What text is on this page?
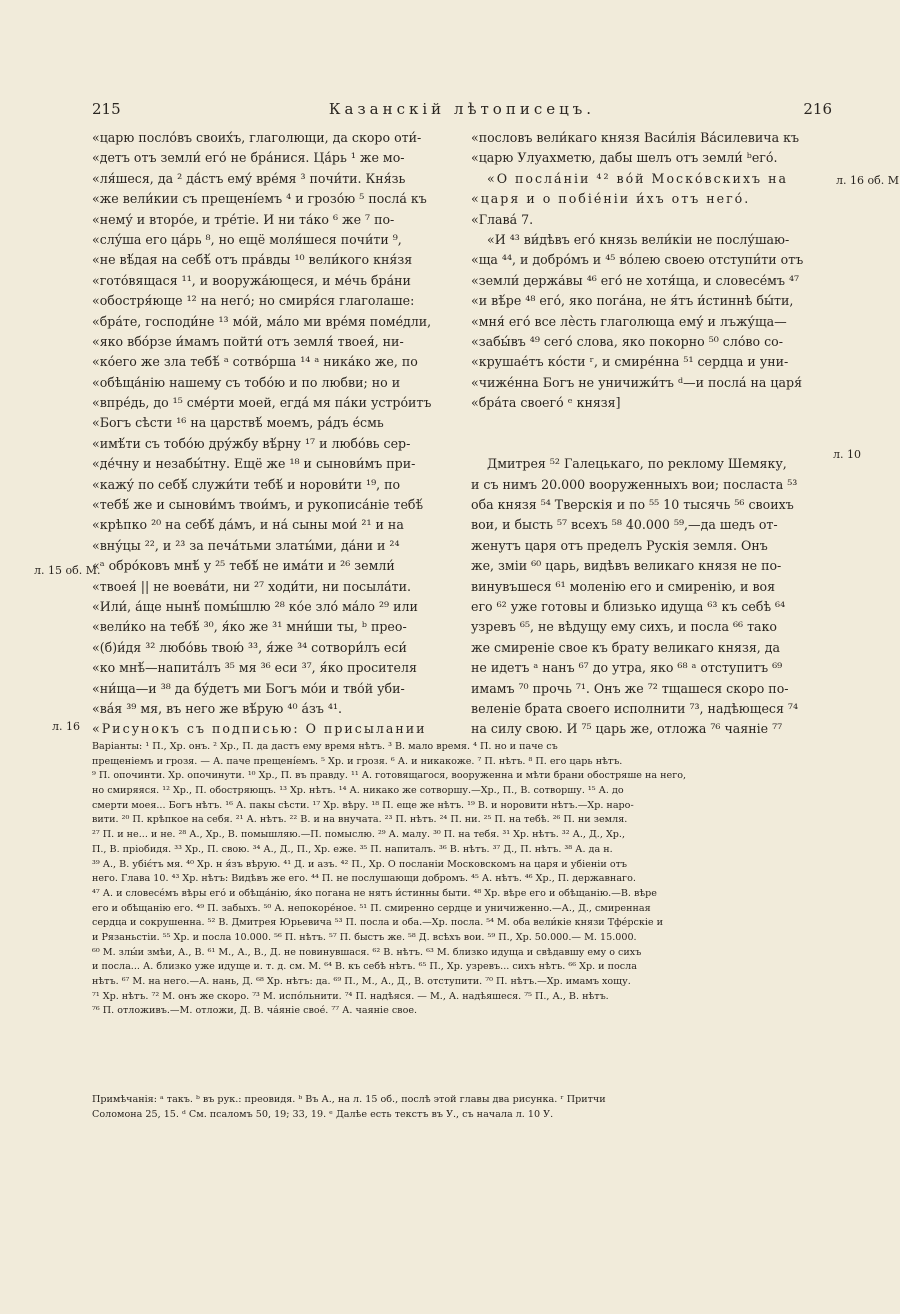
215	Казанскій лѣтописецъ.	216
л. 15 об. М.
л. 16
л. 16 об. М
л. 10
«царю посло́въ своих́ъ, глаголющи, да скоро оти́-
«детъ отъ земли́ его́ не бра́нися. Ца́рь ¹ же мо-
«ля́шеся, да ² да́стъ ему́ вре́мя ³ почи́ти. Кня́зь
«же вели́кии съ прещені́емъ ⁴ и грозо́ю ⁵ посла́ къ
«нему́ и второ́е, и тре́тіе. И ни та́ко ⁶ же ⁷ по-
«слу́ша его ца́рь ⁸, но ещё моля́шеся почи́ти ⁹,
«не вѣ́дая на себѣ́ отъ пра́вды ¹⁰ вели́кого кня́зя
«гото́вящася ¹¹, и вооружа́ющеся, и ме́чь бра́ни
«обостря́юще ¹² на него́; но смиря́ся глаголаше:
«бра́те, господи́не ¹³ мо́й, ма́ло ми вре́мя поме́дли,
«яко вбо́рзе и́мамъ пойти́ отъ земля́ твоея́, ни-
«ко́его же зла тебѣ́ ᵃ сотво́рша ¹⁴ ᵃ ника́ко же, по
«обѣща́нію нашему съ тобо́ю и по любви; но и
«впре́дь, до ¹⁵ сме́рти моей, егда́ мя па́ки устро́итъ
«Богъ сѣсти ¹⁶ на царствѣ́ моемъ, ра́дъ е́смь
«имѣ́ти съ тобо́ю дру́жбу вѣ́рну ¹⁷ и любо́вь сер-
«де́чну и незабы́тну. Ещё же ¹⁸ и сынови́мъ при-
«кажу́ по себѣ́ служи́ти тебѣ́ и норови́ти ¹⁹, по
«тебѣ́ же и сынови́мъ твои́мъ, и рукописа́ніе тебѣ́
«крѣпко ²⁰ на себѣ́ да́мъ, и на́ сыны мои́ ²¹ и на
«вну́цы ²², и ²³ за печа́тьми златы́ми, да́ни и ²⁴
«ᵃ обро́ковъ мнѣ́ у ²⁵ тебѣ́ не има́ти и ²⁶ земли́
«твоея́ || не воева́ти, ни ²⁷ ходи́ти, ни посыла́ти.
«Или́, а́ще нынѣ́ помы́шлю ²⁸ ко́е зло́ ма́ло ²⁹ или
«вели́ко на тебѣ́ ³⁰, я́ко же ³¹ мни́ши ты, ᵇ прео-
«(б)и́дя ³² любо́вь твою́ ³³, я́же ³⁴ сотвори́лъ еси́
«ко мнѣ́—напита́лъ ³⁵ мя ³⁶ еси ³⁷, я́ко просителя
«ни́ща—и ³⁸ да бу́детъ ми Богъ мо́и и тво́й уби-
«ва́я ³⁹ мя, въ него же вѣ́рую ⁴⁰ а́зъ ⁴¹.
«Рисунокъ съ подписью: О присылании
«пословъ вели́каго князя Васи́лія Ва́силевича къ
«царю Улуахметю, дабы шелъ отъ земли́ ᵇего́.
«О посла́ніи ⁴² во́й Моско́вскихъ на
«царя и о побіе́ніи и́хъ отъ него́.
«Глава́ 7.
«И ⁴³ ви́дѣвъ его́ князь вели́кіи не послу́шаю-
«ща ⁴⁴, и добро́мъ и ⁴⁵ во́лею своею отступи́ти отъ
«земли́ держа́вы ⁴⁶ его́ не хотя́ща, и словесе́мъ ⁴⁷
«и вѣ́ре ⁴⁸ его́, яко пога́на, не я́тъ и́стиннѣ бы́ти,
«мня́ его́ все лѐсть глаголюща ему́ и лъжу́ща—
«забы́въ ⁴⁹ сего́ слова, яко покорно ⁵⁰ сло́во со-
«крушае́тъ ко́сти ʳ, и смире́нна ⁵¹ сердца и уни-
«чиже́нна Богъ не уничижи́тъ ᵈ—и посла́ на царя́
«бра́та своего́ ᵉ князя]
Дмитрея ⁵² Галецькаго, по реклому Шемяку,
и съ нимъ 20.000 вооруженныхъ вои; посласта ⁵³
оба князя ⁵⁴ Тверскія и по ⁵⁵ 10 тысячь ⁵⁶ своихъ
вои, и бысть ⁵⁷ всехъ ⁵⁸ 40.000 ⁵⁹,—да шедъ от-
женутъ царя отъ пределъ Рускія земля. Онъ
же, змiи ⁶⁰ царь, видѣвъ великаго князя не по-
винувъшеся ⁶¹ моленію его и смиренію, и воя
его ⁶² уже готовы и близько идуща ⁶³ къ себѣ ⁶⁴
узревъ ⁶⁵, не вѣдущу ему сихъ, и посла ⁶⁶ тако
же смиреніе свое къ брату великаго князя, да
не идетъ ᵃ нанъ ⁶⁷ до утра, яко ⁶⁸ ᵃ отступитъ ⁶⁹
имамъ ⁷⁰ прочь ⁷¹. Онъ же ⁷² тщашеся скоро по-
веленіе брата своего исполнити ⁷³, надѣющеся ⁷⁴
на силу свою. И ⁷⁵ царь же, отложа ⁷⁶ чаяніе ⁷⁷
Варіанты: ¹ П., Хр. онъ. ² Хр., П. да дастъ ему время нѣтъ. ³ В. мало время. ⁴ П. но и паче съ
прещеніемъ и грозя. — А. паче прещені́емъ. ⁵ Хр. и грозя. ⁶ А. и никакоже. ⁷ П. нѣтъ. ⁸ П. его царь нѣтъ.
⁹ П. опочинти. Хр. опочинути. ¹⁰ Хр., П. въ правду. ¹¹ А. готовящагося, вооруженна и мѣти брани обостряше на него,
но смиряяся. ¹² Хр., П. обостряющъ. ¹³ Хр. нѣтъ. ¹⁴ А. никако же сотворшу.—Хр., П., В. сотворшу. ¹⁵ А. до
смерти моея... Богъ нѣтъ. ¹⁶ А. пакы сѣсти. ¹⁷ Хр. вѣру. ¹⁸ П. еще же нѣтъ. ¹⁹ В. и норовити нѣтъ.—Хр. наро-
вити. ²⁰ П. крѣпкое на себя. ²¹ А. нѣтъ. ²² В. и на внучата. ²³ П. нѣтъ. ²⁴ П. ни. ²⁵ П. на тебѣ. ²⁶ П. ни земля.
²⁷ П. и не... и не. ²⁸ А., Хр., В. помышляю.—П. помыслю. ²⁹ А. малу. ³⁰ П. на тебя. ³¹ Хр. нѣтъ. ³² А., Д., Хр.,
П., В. пріобидя. ³³ Хр., П. свою. ³⁴ А., Д., П., Хр. еже. ³⁵ П. напиталъ. ³⁶ В. нѣтъ. ³⁷ Д., П. нѣтъ. ³⁸ А. да н.
³⁹ А., В. убіє́тъ мя. ⁴⁰ Хр. н я́зъ вѣрую. ⁴¹ Д. и азъ. ⁴² П., Хр. О посланіи Московскомъ на царя и убіеніи отъ
него. Глава 10. ⁴³ Хр. нѣтъ: Видѣвъ же его. ⁴⁴ П. не послушающи добромъ. ⁴⁵ А. нѣтъ. ⁴⁶ Хр., П. державнаго.
⁴⁷ А. и словесе́мъ вѣры его́ и обѣща́нію, я́ко погана не нятъ и́стинны быти. ⁴⁸ Хр. вѣре его и обѣщанію.—В. вѣре
его и обѣщанію его. ⁴⁹ П. забыхъ. ⁵⁰ А. непокоре́ное. ⁵¹ П. смиренно сердце и уничиженно.—А., Д., смиренная
сердца и сокрушенна. ⁵² В. Дмитрея Юрьевича ⁵³ П. посла и оба.—Хр. посла. ⁵⁴ М. оба вели́кіе князи Тфе́рскіе и
и Рязаньстіи. ⁵⁵ Хр. и посла 10.000. ⁵⁶ П. нѣтъ. ⁵⁷ П. быстъ же. ⁵⁸ Д. вcѣхъ вои. ⁵⁹ П., Хр. 50.000.— М. 15.000.
⁶⁰ М. злы́и змѣи, А., В. ⁶¹ М., А., В., Д. не повинувшася. ⁶² В. нѣтъ. ⁶³ М. близко идуща и свѣдавшу ему о сихъ
и посла... А. близко уже идуще и. т. д. см. М. ⁶⁴ В. къ себѣ нѣтъ. ⁶⁵ П., Хр. узревъ... сихъ нѣтъ. ⁶⁶ Хр. и посла
нѣтъ. ⁶⁷ М. на него.—А. нань, Д. ⁶⁸ Хр. нѣтъ: да. ⁶⁹ П., М., А., Д., В. отступити. ⁷⁰ П. нѣтъ.—Хр. имамъ хощу.
⁷¹ Хр. нѣтъ. ⁷² М. онъ же скоро. ⁷³ М. испо́льнити. ⁷⁴ П. надѣяся. — М., А. надѣяшеся. ⁷⁵ П., А., В. нѣтъ.
⁷⁶ П. отложивъ.—М. отложи, Д. В. ча́яніе свое́. ⁷⁷ А. чаяніе свое.
Примѣчанія: ᵃ такъ. ᵇ въ рук.: преовидя. ᵇ Въ А., на л. 15 об., послѣ этой главы два рисунка. ʳ Притчи
Соломона 25, 15. ᵈ См. псаломъ 50, 19; 33, 19. ᵉ Далѣе есть текстъ въ У., съ начала л. 10 У.
